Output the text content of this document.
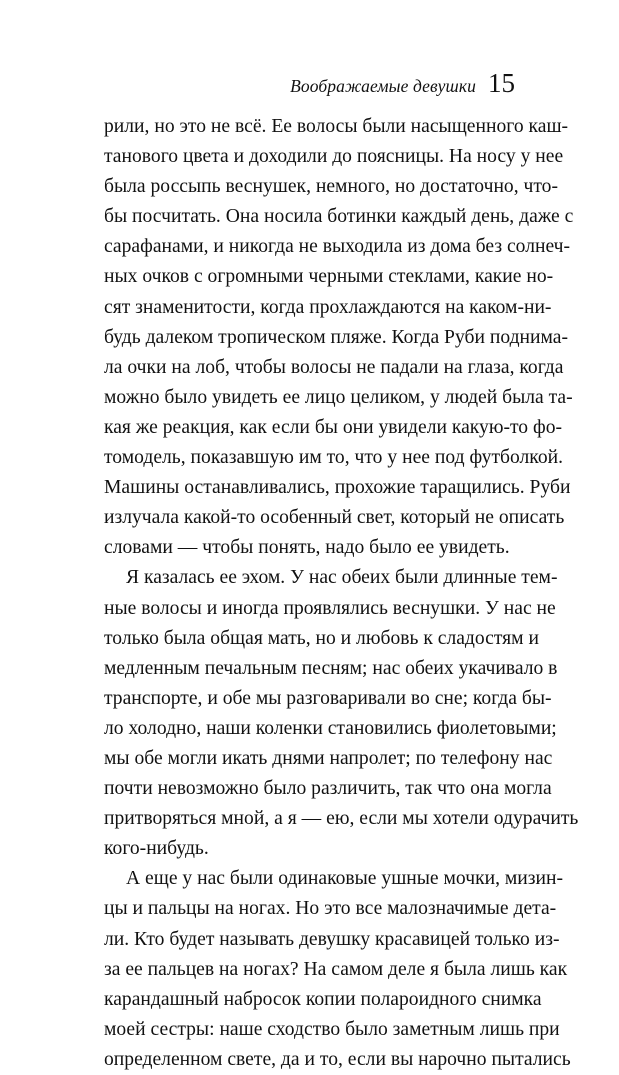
Воображаемые девушки 15
рили, но это не всё. Ее волосы были насыщенного каш-
танового цвета и доходили до поясницы. На носу у нее
была россыпь веснушек, немного, но достаточно, что-
бы посчитать. Она носила ботинки каждый день, даже с
сарафанами, и никогда не выходила из дома без солнеч-
ных очков с огромными черными стеклами, какие но-
сят знаменитости, когда прохлаждаются на каком-ни-
будь далеком тропическом пляже. Когда Руби поднима-
ла очки на лоб, чтобы волосы не падали на глаза, когда
можно было увидеть ее лицо целиком, у людей была та-
кая же реакция, как если бы они увидели какую-то фо-
томодель, показавшую им то, что у нее под футболкой.
Машины останавливались, прохожие таращились. Руби
излучала какой-то особенный свет, который не описать
словами — чтобы понять, надо было ее увидеть.
Я казалась ее эхом. У нас обеих были длинные тем-
ные волосы и иногда проявлялись веснушки. У нас не
только была общая мать, но и любовь к сладостям и
медленным печальным песням; нас обеих укачивало в
транспорте, и обе мы разговаривали во сне; когда бы-
ло холодно, наши коленки становились фиолетовыми;
мы обе могли икать днями напролет; по телефону нас
почти невозможно было различить, так что она могла
притворяться мной, а я — ею, если мы хотели одурачить
кого-нибудь.
А еще у нас были одинаковые ушные мочки, мизин-
цы и пальцы на ногах. Но это все малозначимые дета-
ли. Кто будет называть девушку красавицей только из-
за ее пальцев на ногах? На самом деле я была лишь как
карандашный набросок копии полароидного снимка
моей сестры: наше сходство было заметным лишь при
определенном свете, да и то, если вы нарочно пытались
